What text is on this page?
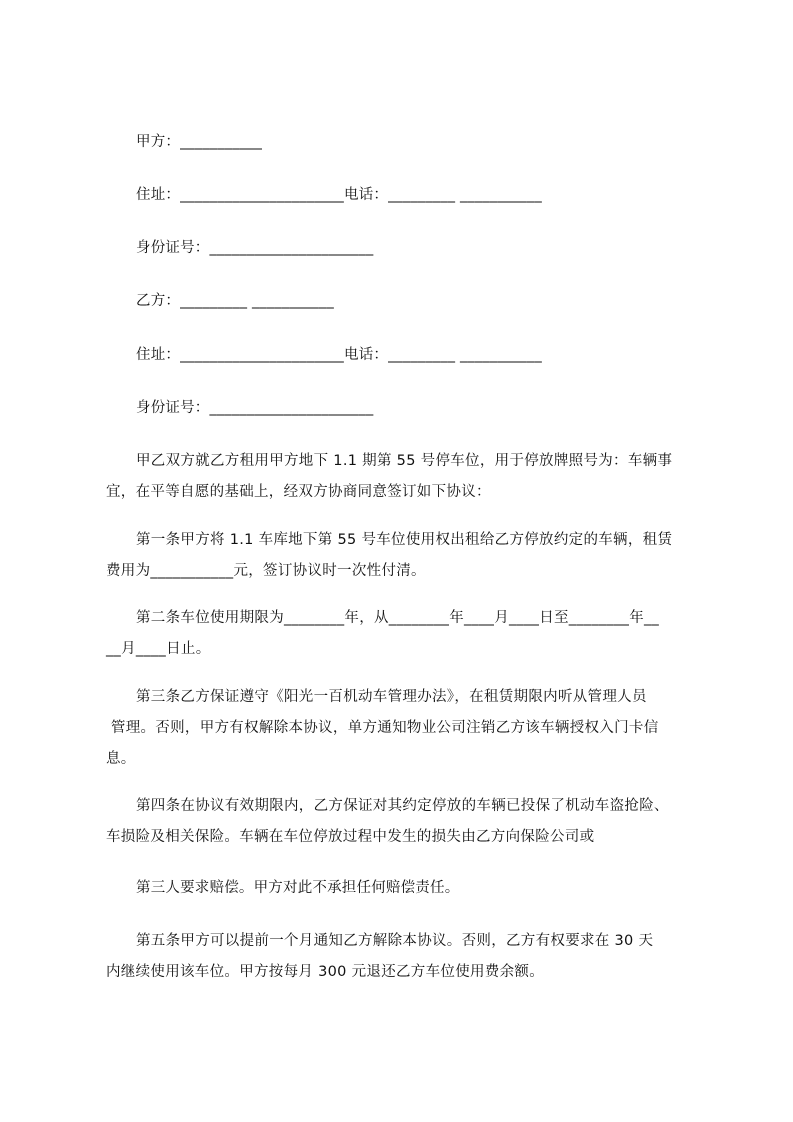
甲方：___________
住址：______________________电话：_________ ___________
身份证号：______________________
乙方：_________ ___________
住址：______________________电话：_________ ___________
身份证号：______________________
甲乙双方就乙方租用甲方地下 1.1 期第 55 号停车位，用于停放牌照号为：车辆事
宜，在平等自愿的基础上，经双方协商同意签订如下协议：
第一条甲方将 1.1 车库地下第 55 号车位使用权出租给乙方停放约定的车辆，租赁
费用为___________元，签订协议时一次性付清。
第二条车位使用期限为________年，从________年____月____日至________年__
__月____日止。
第三条乙方保证遵守《阳光一百机动车管理办法》，在租赁期限内听从管理人员
管理。否则，甲方有权解除本协议，单方通知物业公司注销乙方该车辆授权入门卡信
息。
第四条在协议有效期限内，乙方保证对其约定停放的车辆已投保了机动车盗抢险、
车损险及相关保险。车辆在车位停放过程中发生的损失由乙方向保险公司或
第三人要求赔偿。甲方对此不承担任何赔偿责任。
第五条甲方可以提前一个月通知乙方解除本协议。否则，乙方有权要求在 30 天
内继续使用该车位。甲方按每月 300 元退还乙方车位使用费余额。
